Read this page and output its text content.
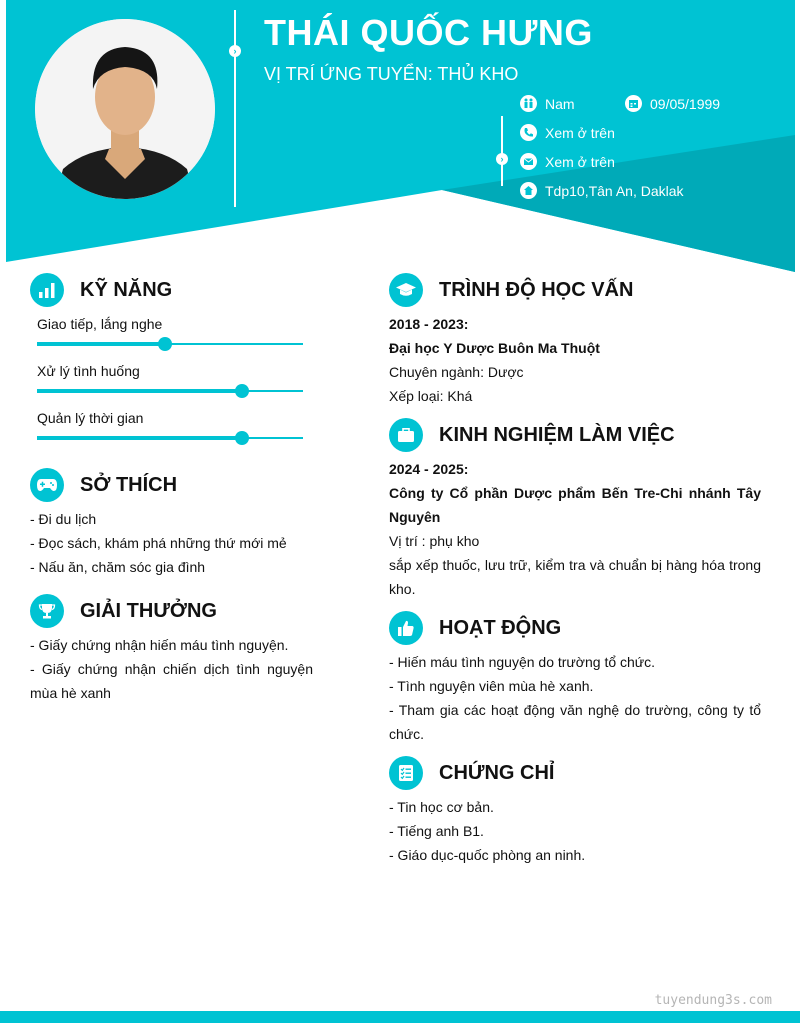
›
›
THÁI QUỐC HƯNG
VỊ TRÍ ỨNG TUYỂN: THỦ KHO
Nam	09/05/1999
Xem ở trên
Xem ở trên
Tdp10,Tân An, Daklak
KỸ NĂNG
Giao tiếp, lắng nghe
Xử lý tình huống
Quản lý thời gian
SỞ THÍCH
- Đi du lịch
- Đọc sách, khám phá những thứ mới mẻ
- Nấu ăn, chăm sóc gia đình
GIẢI THƯỞNG
- Giấy chứng nhận hiến máu tình nguyện.
- Giấy chứng nhận chiến dịch tình nguyện mùa hè xanh
TRÌNH ĐỘ HỌC VẤN
2018 - 2023:
Đại học Y Dược Buôn Ma Thuột
Chuyên ngành: Dược
Xếp loại: Khá
KINH NGHIỆM LÀM VIỆC
2024 - 2025:
Công ty Cổ phần Dược phẩm Bến Tre-Chi nhánh Tây Nguyên
Vị trí : phụ kho
sắp xếp thuốc, lưu trữ, kiểm tra và chuẩn bị hàng hóa trong kho.
HOẠT ĐỘNG
- Hiến máu tình nguyện do trường tổ chức.
- Tình nguyện viên mùa hè xanh.
- Tham gia các hoạt động văn nghệ do trường, công ty tổ chức.
CHỨNG CHỈ
- Tin học cơ bản.
- Tiếng anh B1.
- Giáo dục-quốc phòng an ninh.
tuyendung3s.com
